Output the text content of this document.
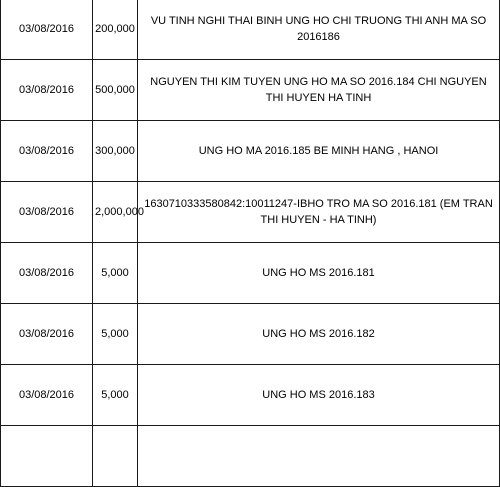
03/08/2016	200,000	VU TINH NGHI THAI BINH UNG HO CHI TRUONG THI ANH MA SO 2016186
03/08/2016	500,000	NGUYEN THI KIM TUYEN UNG HO MA SO 2016.184 CHI NGUYEN THI HUYEN HA TINH
03/08/2016	300,000	UNG HO MA 2016.185 BE MINH HANG , HANOI
03/08/2016	2,000,000	1630710333580842:10011247-IBHO TRO MA SO 2016.181 (EM TRAN THI HUYEN - HA TINH)
03/08/2016	5,000	UNG HO MS 2016.181
03/08/2016	5,000	UNG HO MS 2016.182
03/08/2016	5,000	UNG HO MS 2016.183
